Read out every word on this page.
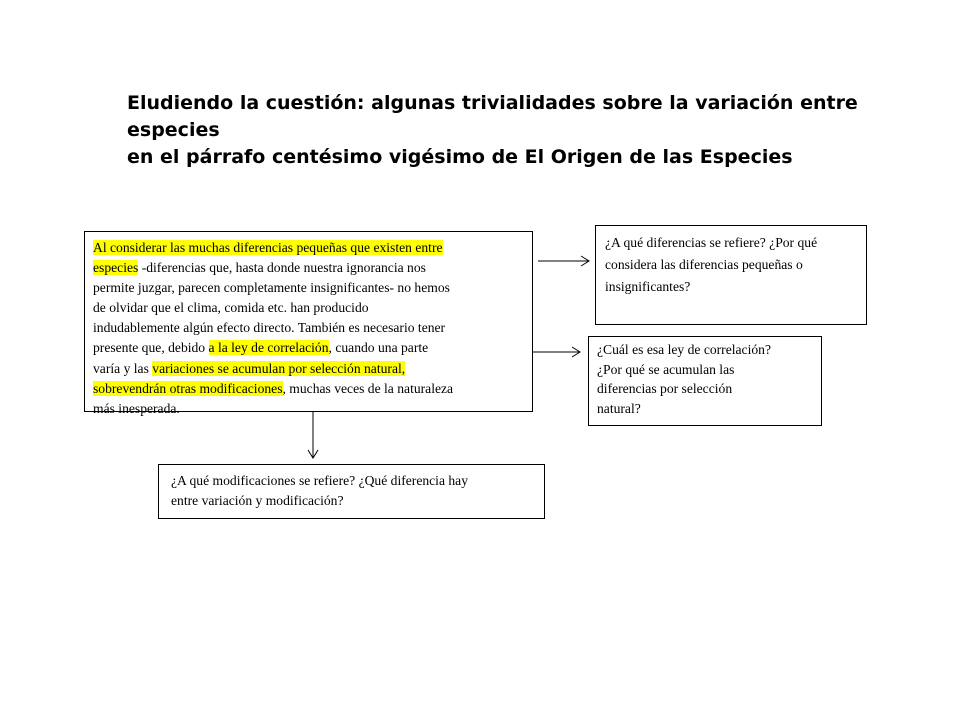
Eludiendo la cuestión: algunas trivialidades sobre la variación entre especies
en el párrafo centésimo vigésimo de El Origen de las Especies
Al considerar las muchas diferencias pequeñas que existen entre
especies -diferencias que, hasta donde nuestra ignorancia nos
permite juzgar, parecen completamente insignificantes- no hemos
de olvidar que el clima, comida etc. han producido
indudablemente algún efecto directo. También es necesario tener
presente que, debido a la ley de correlación, cuando una parte
varía y las variaciones se acumulan por selección natural,
sobrevendrán otras modificaciones, muchas veces de la naturaleza
más inesperada.
¿A qué diferencias se refiere? ¿Por qué
considera las diferencias pequeñas o
insignificantes?
¿Cuál es esa ley de correlación?
¿Por qué se acumulan las
diferencias por selección
natural?
¿A qué modificaciones se refiere? ¿Qué diferencia hay
entre variación y modificación?
